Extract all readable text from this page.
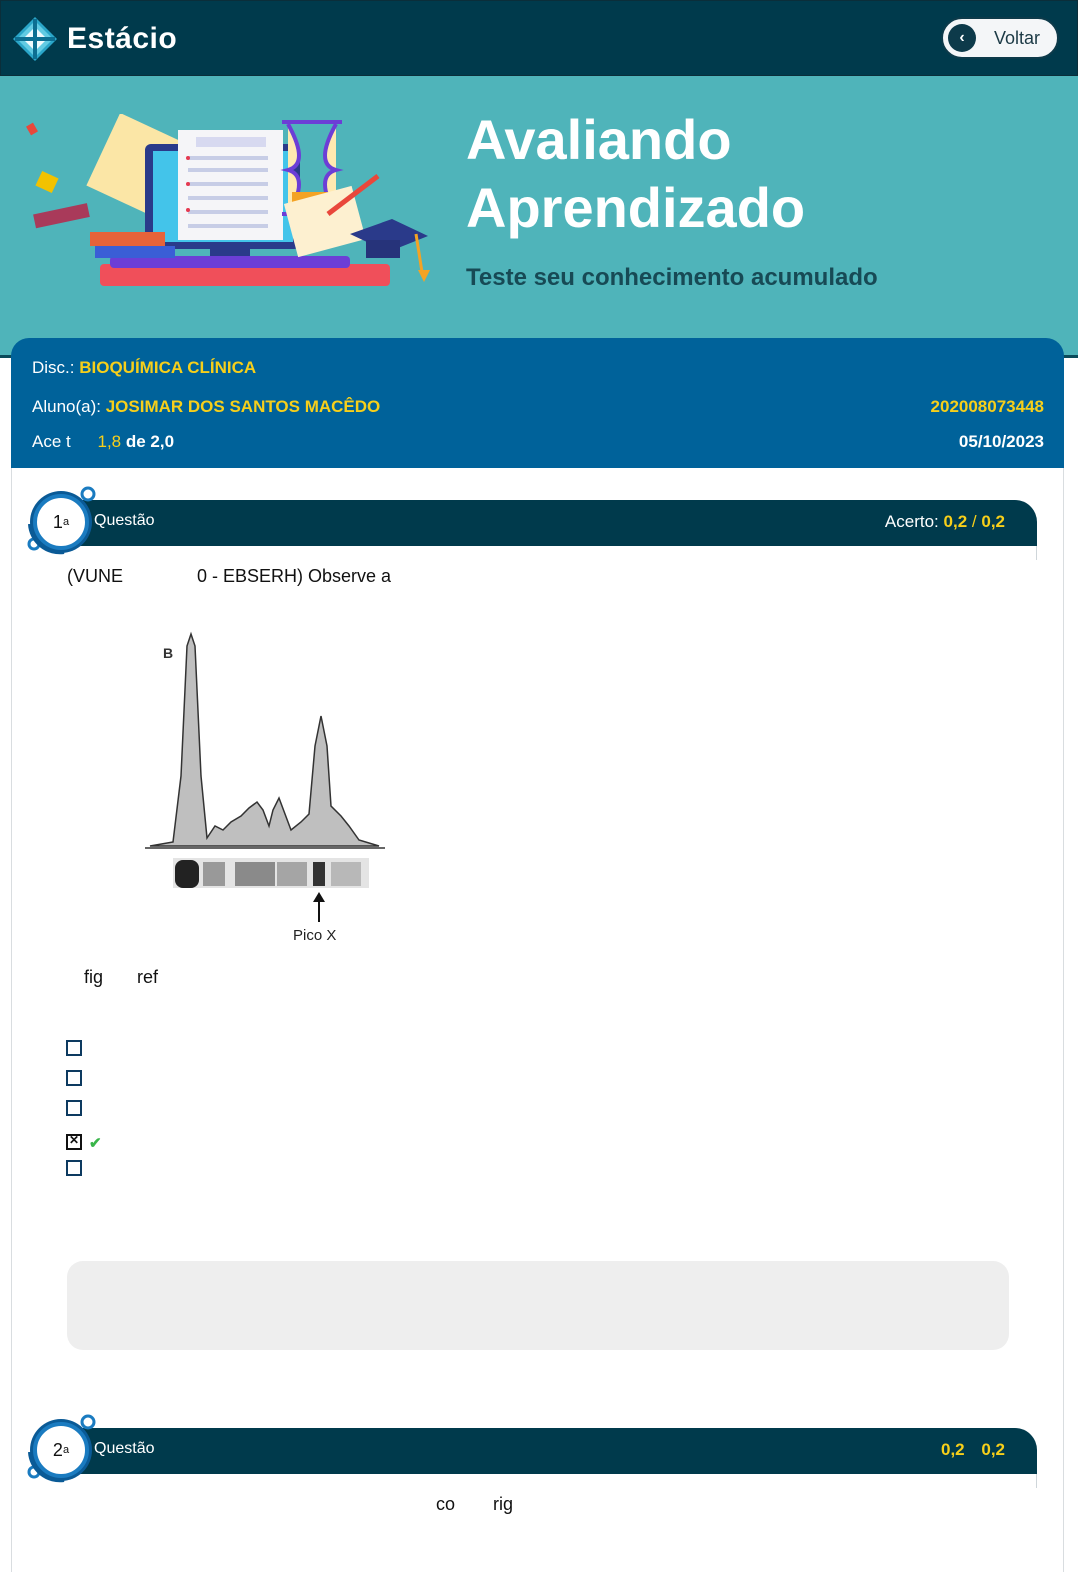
Estácio	‹	Voltar
Avaliando
Aprendizado
Teste seu conhecimento acumulado
Disc.: BIOQUÍMICA CLÍNICA
Aluno(a): JOSIMAR DOS SANTOS MACÊDO	202008073448
Ace t 1,8 de 2,0	05/10/2023
Questão	Acerto: 0,2 / 0,2
1 a
(VUNE	0 - EBSERH) Observe a
B
Pico X
fig ref
✕
✔
Questão	0,2 0,2
2 a
co rig
